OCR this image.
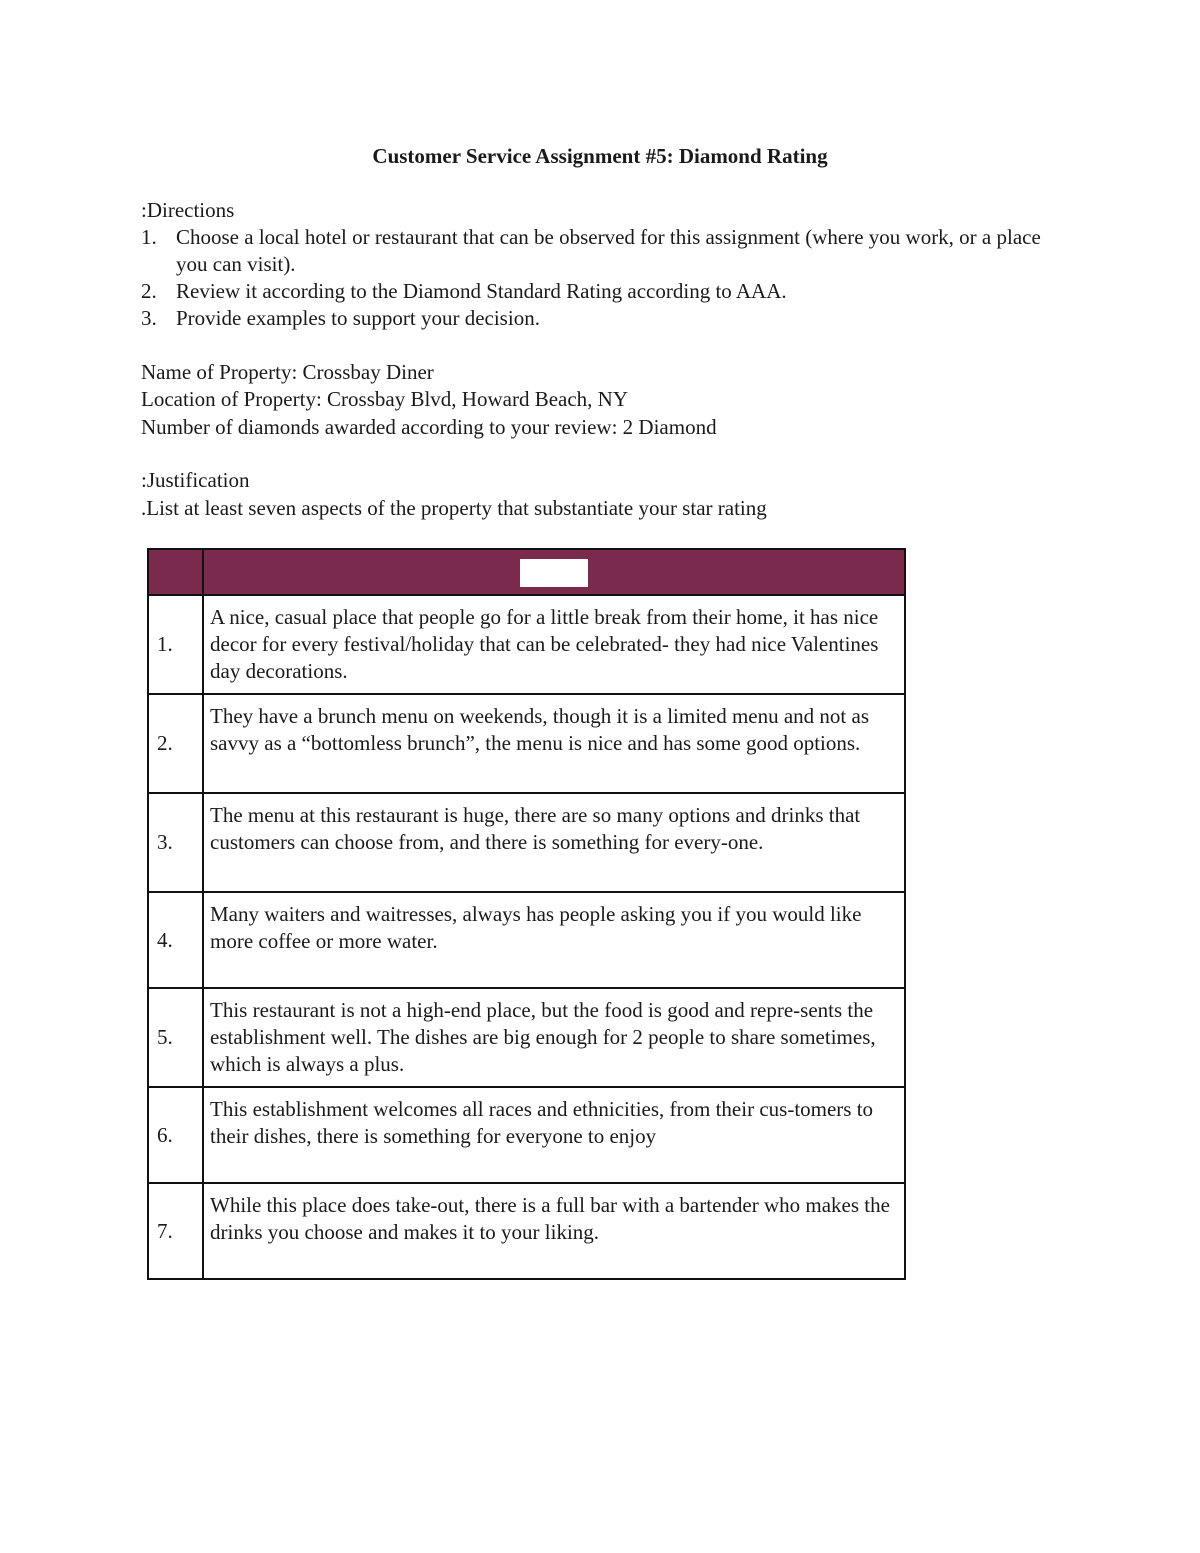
Customer Service Assignment #5: Diamond Rating
:Directions
1. Choose a local hotel or restaurant that can be observed for this assignment (where you work, or a place you can visit).
2. Review it according to the Diamond Standard Rating according to AAA.
3. Provide examples to support your decision.
Name of Property: Crossbay Diner
Location of Property: Crossbay Blvd, Howard Beach, NY
Number of diamonds awarded according to your review: 2 Diamond
:Justification
.List at least seven aspects of the property that substantiate your star rating

1.	A nice, casual place that people go for a little break from their home, it has nice decor for every festival/holiday that can be celebrated- they had nice Valentines day decorations.
2.	They have a brunch menu on weekends, though it is a limited menu and not as savvy as a “bottomless brunch”, the menu is nice and has some good options.
3.	The menu at this restaurant is huge, there are so many options and drinks that customers can choose from, and there is something for every-one.
4.	Many waiters and waitresses, always has people asking you if you would like more coffee or more water.
5.	This restaurant is not a high-end place, but the food is good and repre-sents the establishment well. The dishes are big enough for 2 people to share sometimes, which is always a plus.
6.	This establishment welcomes all races and ethnicities, from their cus-tomers to their dishes, there is something for everyone to enjoy
7.	While this place does take-out, there is a full bar with a bartender who makes the drinks you choose and makes it to your liking.
